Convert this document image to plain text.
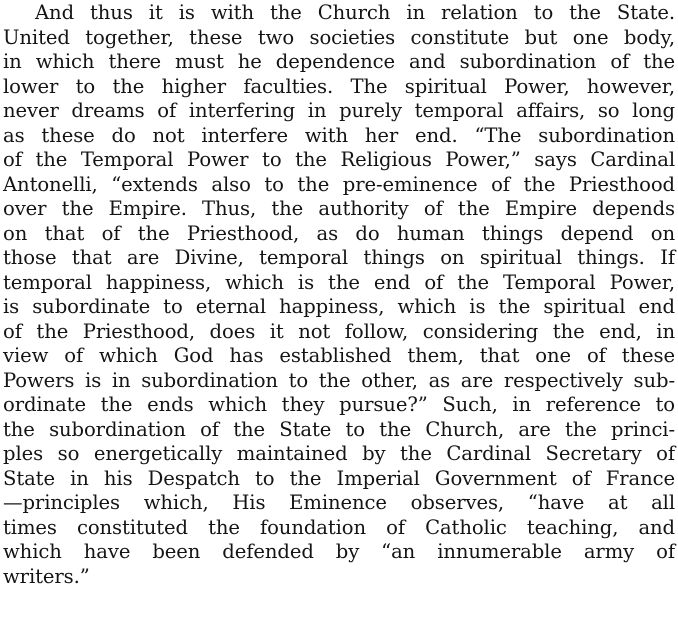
And thus it is with the Church in relation to the State.
United together, these two societies constitute but one body,
in which there must he dependence and subordination of the
lower to the higher faculties. The spiritual Power, however,
never dreams of interfering in purely temporal affairs, so long
as these do not interfere with her end. “The subordination
of the Temporal Power to the Religious Power,” says Cardinal
Antonelli, “extends also to the pre-eminence of the Priesthood
over the Empire. Thus, the authority of the Empire depends
on that of the Priesthood, as do human things depend on
those that are Divine, temporal things on spiritual things. If
temporal happiness, which is the end of the Temporal Power,
is subordinate to eternal happiness, which is the spiritual end
of the Priesthood, does it not follow, considering the end, in
view of which God has established them, that one of these
Powers is in subordination to the other, as are respectively sub-
ordinate the ends which they pursue?” Such, in reference to
the subordination of the State to the Church, are the princi-
ples so energetically maintained by the Cardinal Secretary of
State in his Despatch to the Imperial Government of France
—principles which, His Eminence observes, “have at all
times constituted the foundation of Catholic teaching, and
which have been defended by “an innumerable army of
writers.”
